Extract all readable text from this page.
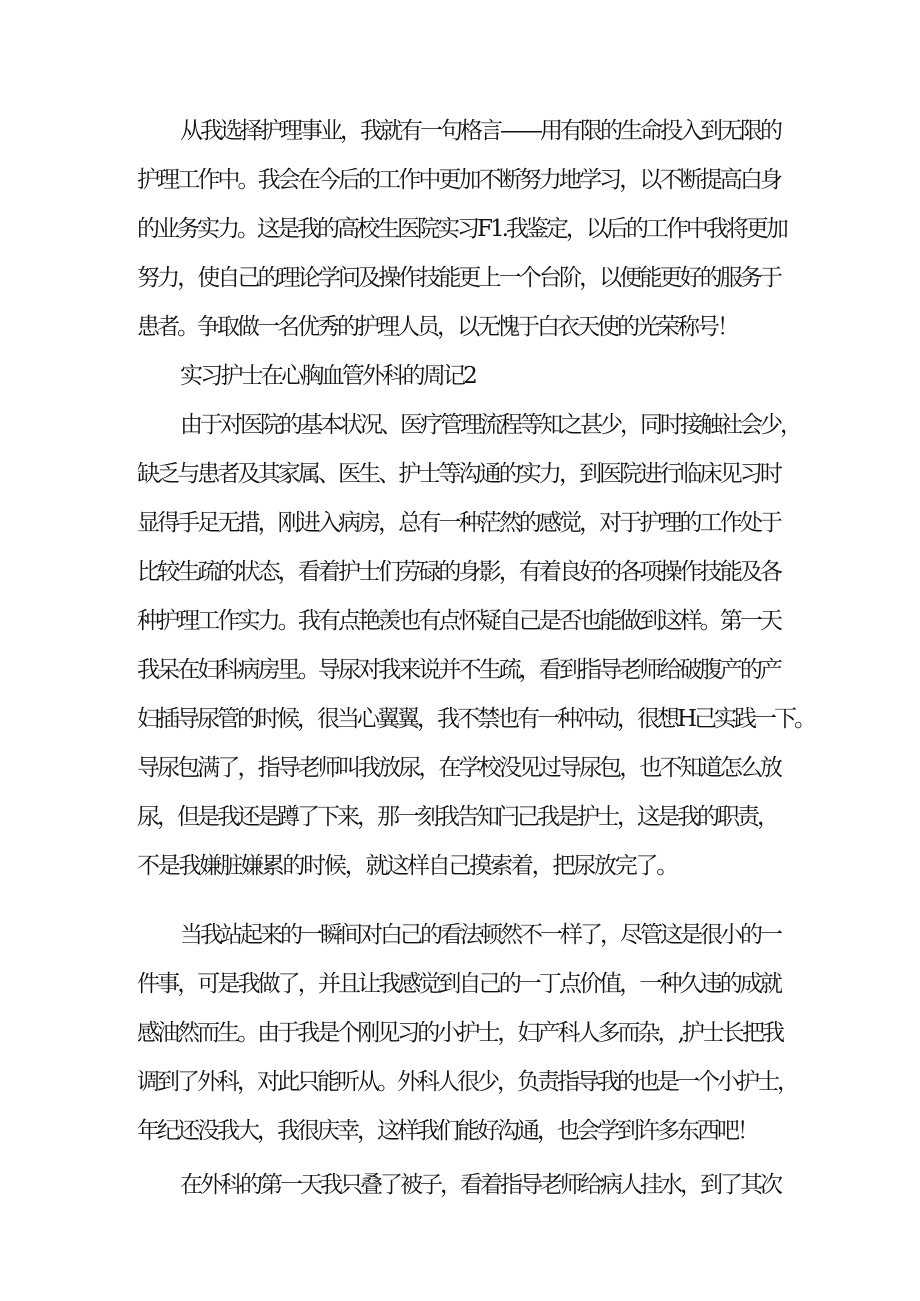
从我选择护理事业，我就有一句格言——用有限的生命投入到无限的

护理工作中。我会在今后的工作中更加不断努力地学习，以不断提高白身

的业务实力。这是我的高校生医院实习F1.我鉴定，以后的工作中我将更加

努力，使自己的理论学问及操作技能更上一个台阶，以便能更好的服务于

患者。争取做一名优秀的护理人员，以无愧于白衣天使的光荣称号！

实习护士在心胸血管外科的周记2

由于对医院的基本状况、医疗管理流程等知之甚少，同时接触社会少，

缺乏与患者及其家属、医生、护士等沟通的实力，到医院进行临床见习时

显得手足无措，刚进入病房，总有一种茫然的感觉，对于护理的工作处于

比较生疏的状态，看着护士们劳碌的身影，有着良好的各项操作技能及各

种护理工作实力。我有点艳羡也有点怀疑自己是否也能做到这样。第一天

我呆在妇科病房里。导尿对我来说并不生疏，看到指导老师给破腹产的产

妇插导尿管的时候，很当心翼翼，我不禁也有一种冲动，很想H己实践一下。

导尿包满了，指导老师叫我放尿，在学校没见过导尿包，也不知道怎么放

尿，但是我还是蹲了下来，那一刻我告知闩己我是护士，这是我的职责，

不是我嫌脏嫌累的时候，就这样自己摸索着，把尿放完了。

当我站起来的一瞬间对白己的看法顿然不一样了，尽管这是很小的一

件事，可是我做了，并且让我感觉到自己的一丁点价值，一种久违的成就

感油然而生。由于我是个刚见习的小护士，妇产科人多而杂，,护士长把我

调到了外科，对此只能听从。外科人很少，负责指导我的也是一个小护士，

年纪还没我大，我很庆幸，这样我们能好沟通，也会学到许多东西吧！

在外科的第一天我只叠了被子，看着指导老师给病人挂水，到了其次
